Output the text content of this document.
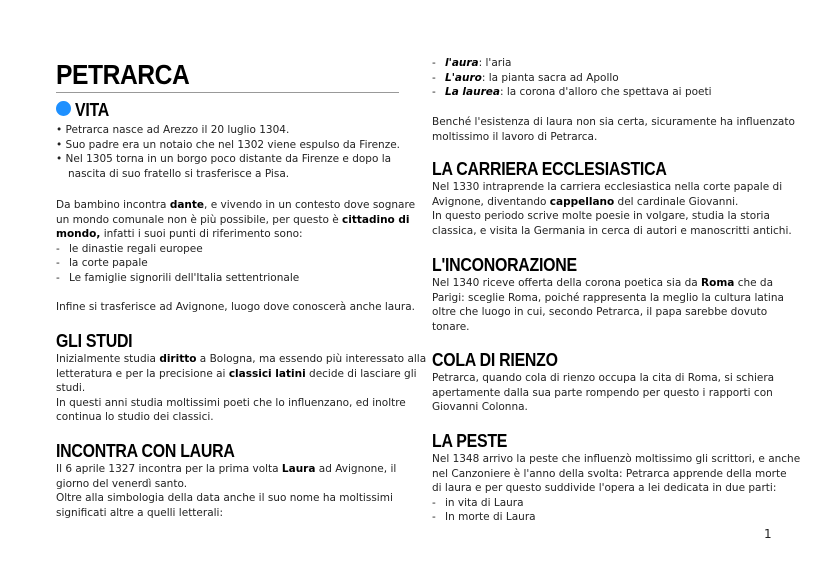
PETRARCA
VITA
• Petrarca nasce ad Arezzo il 20 luglio 1304.
• Suo padre era un notaio che nel 1302 viene espulso da Firenze.
• Nel 1305 torna in un borgo poco distante da Firenze e dopo la
nascita di suo fratello si trasferisce a Pisa.
Da bambino incontra dante, e vivendo in un contesto dove sognare
un mondo comunale non è più possibile, per questo è cittadino di
mondo, infatti i suoi punti di riferimento sono:
- le dinastie regali europee
- la corte papale
- Le famiglie signorili dell'Italia settentrionale
Infine si trasferisce ad Avignone, luogo dove conoscerà anche laura.
GLI STUDI
Inizialmente studia diritto a Bologna, ma essendo più interessato alla
letteratura e per la precisione ai classici latini decide di lasciare gli
studi.
In questi anni studia moltissimi poeti che lo influenzano, ed inoltre
continua lo studio dei classici.
INCONTRA CON LAURA
Il 6 aprile 1327 incontra per la prima volta Laura ad Avignone, il
giorno del venerdì santo.
Oltre alla simbologia della data anche il suo nome ha moltissimi
significati altre a quelli letterali:
- l'aura: l'aria
- L'auro: la pianta sacra ad Apollo
- La laurea: la corona d'alloro che spettava ai poeti
Benché l'esistenza di laura non sia certa, sicuramente ha influenzato
moltissimo il lavoro di Petrarca.
LA CARRIERA ECCLESIASTICA
Nel 1330 intraprende la carriera ecclesiastica nella corte papale di
Avignone, diventando cappellano del cardinale Giovanni.
In questo periodo scrive molte poesie in volgare, studia la storia
classica, e visita la Germania in cerca di autori e manoscritti antichi.
L'INCONORAZIONE
Nel 1340 riceve offerta della corona poetica sia da Roma che da
Parigi: sceglie Roma, poiché rappresenta la meglio la cultura latina
oltre che luogo in cui, secondo Petrarca, il papa sarebbe dovuto
tonare.
COLA DI RIENZO
Petrarca, quando cola di rienzo occupa la cita di Roma, si schiera
apertamente dalla sua parte rompendo per questo i rapporti con
Giovanni Colonna.
LA PESTE
Nel 1348 arrivo la peste che influenzò moltissimo gli scrittori, e anche
nel Canzoniere è l'anno della svolta: Petrarca apprende della morte
di laura e per questo suddivide l'opera a lei dedicata in due parti:
- in vita di Laura
- In morte di Laura
1
